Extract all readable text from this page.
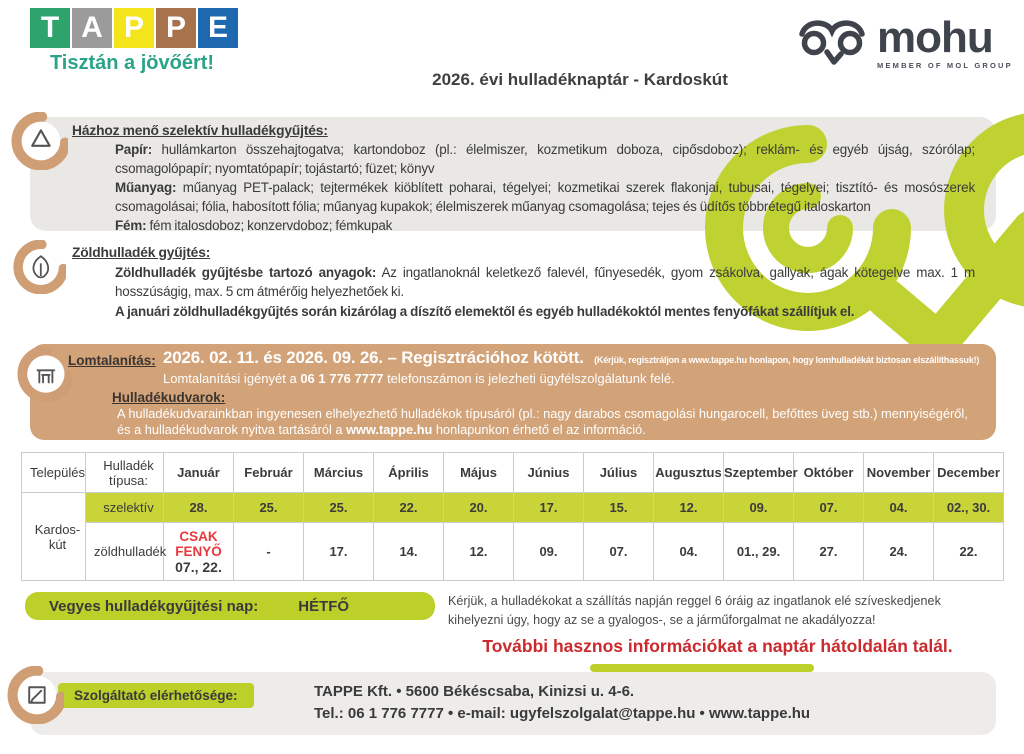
T A P P E
Tisztán a jövőért!
2026. évi hulladéknaptár - Kardoskút
mohu
MEMBER OF MOL GROUP
Házhoz menő szelektív hulladékgyűjtés:

Papír: hullámkarton összehajtogatva; kartondoboz (pl.: élelmiszer, kozmetikum doboza, cipősdoboz); reklám- és egyéb újság, szórólap; csomagolópapír; nyomtatópapír; tojástartó; füzet; könyv

Műanyag: műanyag PET-palack; tejtermékek kiöblített poharai, tégelyei; kozmetikai szerek flakonjai, tubusai, tégelyei; tisztító- és mosószerek csomagolásai; fólia, habosított fólia; műanyag kupakok; élelmiszerek műanyag csomagolása; tejes és üdítős többrétegű italoskarton

Fém: fém italosdoboz; konzervdoboz; fémkupak

Zöldhulladék gyűjtés:

Zöldhulladék gyűjtésbe tartozó anyagok: Az ingatlanoknál keletkező falevél, fűnyesedék, gyom zsákolva, gallyak, ágak kötegelve max. 1 m hosszúságig, max. 5 cm átmérőig helyezhetőek ki.

A januári zöldhulladékgyűjtés során kizárólag a díszítő elemektől és egyéb hulladékoktól mentes fenyőfákat szállítjuk el.

Lomtalanítás: 2026. 02. 11. és 2026. 09. 26. – Regisztrációhoz kötött. (Kérjük, regisztráljon a www.tappe.hu honlapon, hogy lomhulladékát biztosan elszállíthassuk!)
Lomtalanítási igényét a 06 1 776 7777 telefonszámon is jelezheti ügyfélszolgálatunk felé.
Hulladékudvarok:
A hulladékudvarainkban ingyenesen elhelyezhető hulladékok típusáról (pl.: nagy darabos csomagolási hungarocell, befőttes üveg stb.) mennyiségéről,
és a hulladékudvarok nyitva tartásáról a www.tappe.hu honlapunkon érhető el az információ.
Település	Hulladék típusa:	Január	Február	Március	Április	Május	Június	Július	Augusztus	Szeptember	Október	November	December

Kardos-
kút	szelektív	28.	25.	25.	22.	20.	17.	15.	12.	09.	07.	04.	02., 30.
	zöldhulladék	CSAK FENYŐ
07., 22.	-	17.	14.	12.	09.	07.	04.	01., 29.	27.	24.	22.
Vegyes hulladékgyűjtési nap:	HÉTFŐ	Kérjük, a hulladékokat a szállítás napján reggel 6 óráig az ingatlanok elé szíveskedjenek kihelyezni úgy, hogy az se a gyalogos-, se a járműforgalmat ne akadályozza!
További hasznos információkat a naptár hátoldalán talál.
Szolgáltató elérhetősége:	TAPPE Kft. • 5600 Békéscsaba, Kinizsi u. 4-6.
Tel.: 06 1 776 7777 • e-mail: ugyfelszolgalat@tappe.hu • www.tappe.hu
